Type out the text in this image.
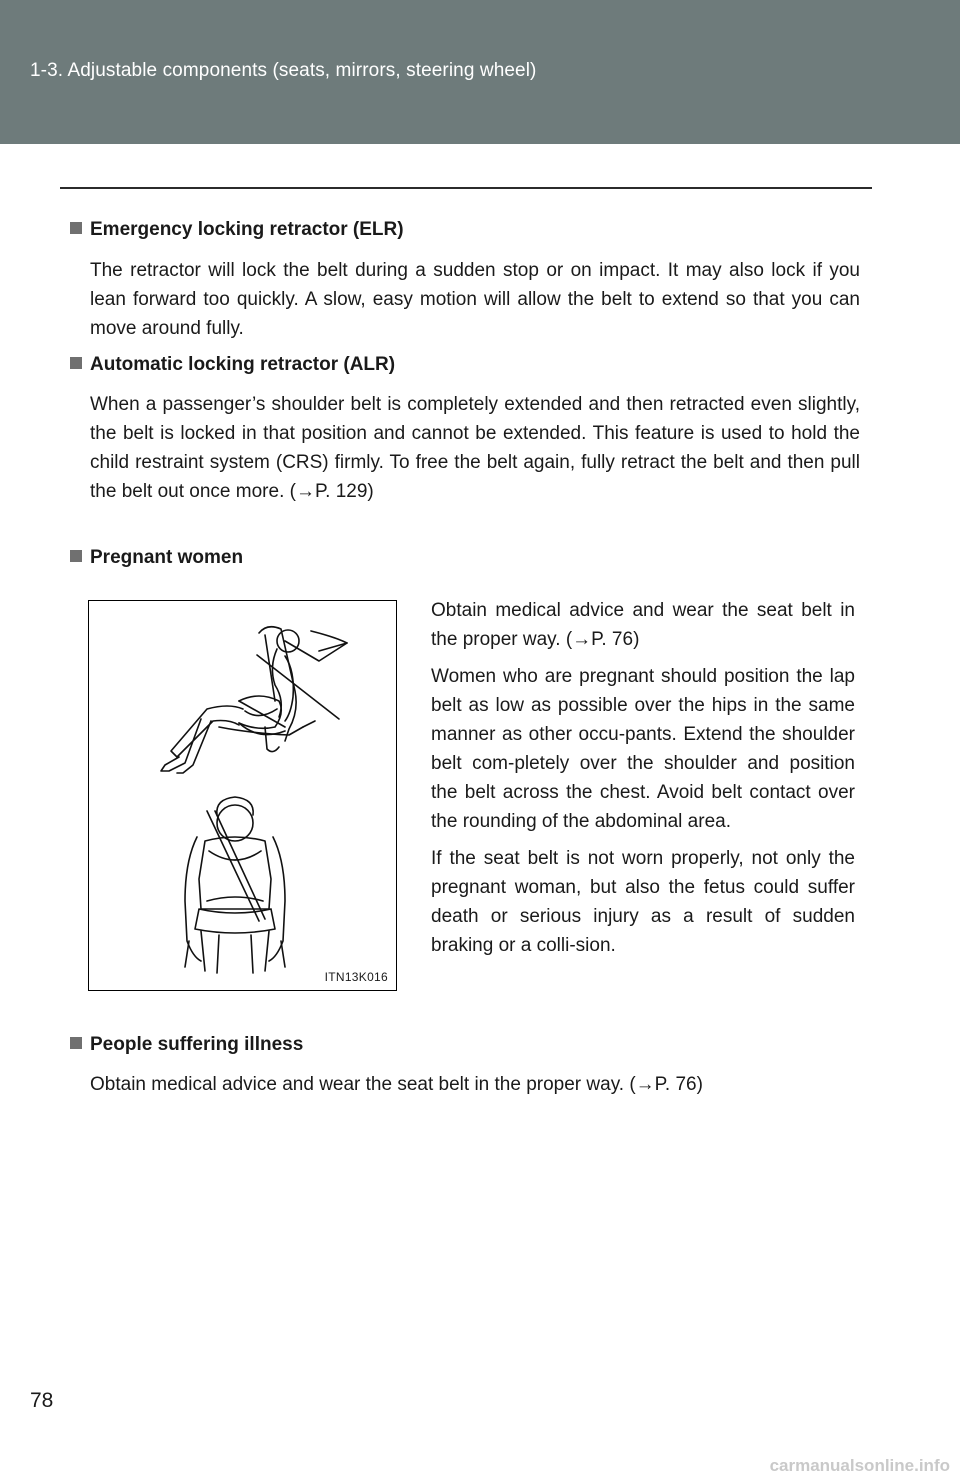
1-3. Adjustable components (seats, mirrors, steering wheel)
Emergency locking retractor (ELR)
The retractor will lock the belt during a sudden stop or on impact. It may also lock if you lean forward too quickly. A slow, easy motion will allow the belt to extend so that you can move around fully.
Automatic locking retractor (ALR)
When a passenger’s shoulder belt is completely extended and then retracted even slightly, the belt is locked in that position and cannot be extended. This feature is used to hold the child restraint system (CRS) firmly. To free the belt again, fully retract the belt and then pull the belt out once more. (→P. 129)
Pregnant women
ITN13K016

Obtain medical advice and wear the seat belt in the proper way. (→P. 76)

Women who are pregnant should position the lap belt as low as possible over the hips in the same manner as other occu-pants. Extend the shoulder belt com-pletely over the shoulder and position the belt across the chest. Avoid belt contact over the rounding of the abdominal area.

If the seat belt is not worn properly, not only the pregnant woman, but also the fetus could suffer death or serious injury as a result of sudden braking or a colli-sion.

People suffering illness
Obtain medical advice and wear the seat belt in the proper way. (→P. 76)
78
carmanualsonline.info
